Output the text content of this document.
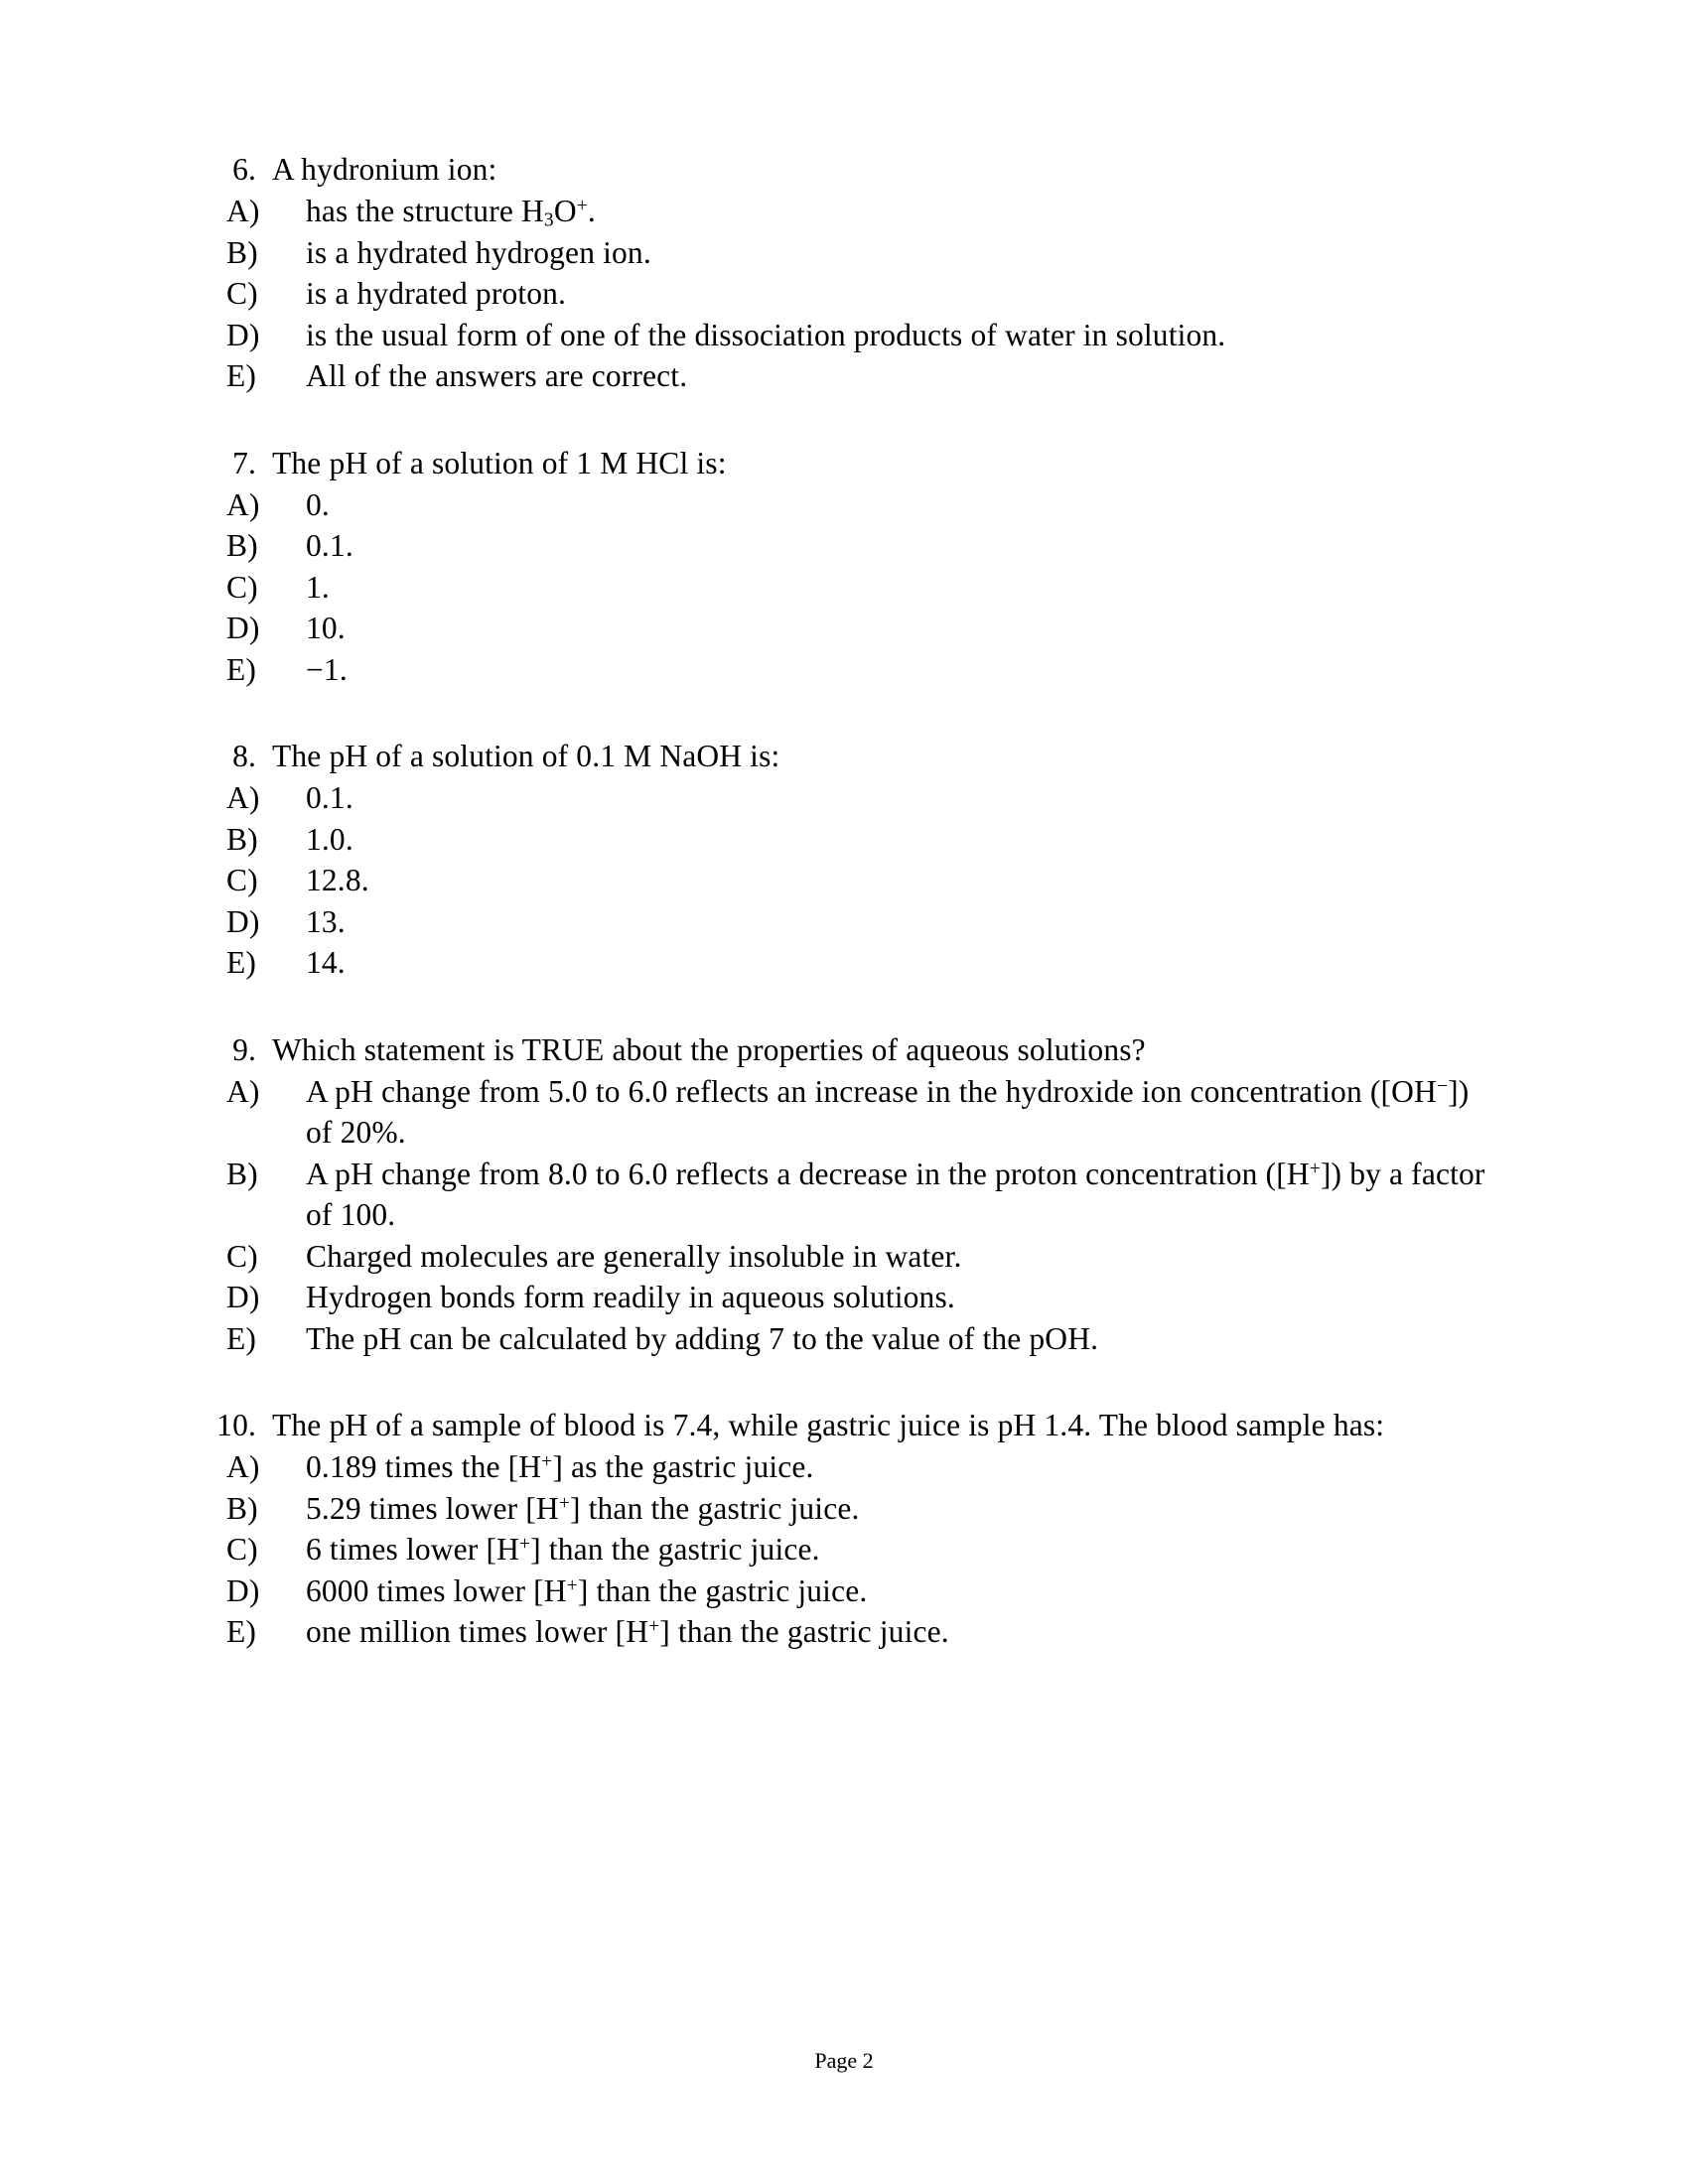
6. A hydronium ion:
A)	has the structure $H_3O^+$.
B)	is a hydrated hydrogen ion.
C)	is a hydrated proton.
D)	is the usual form of one of the dissociation products of water in solution.
E)	All of the answers are correct.
7. The pH of a solution of 1 M HCl is:
A)	0.
B)	0.1.
C)	1.
D)	10.
E)	−1.
8. The pH of a solution of 0.1 M NaOH is:
A)	0.1.
B)	1.0.
C)	12.8.
D)	13.
E)	14.
9. Which statement is TRUE about the properties of aqueous solutions?
A)	A pH change from 5.0 to 6.0 reflects an increase in the hydroxide ion concentration ([OH−]) of 20%.
B)	A pH change from 8.0 to 6.0 reflects a decrease in the proton concentration ([H+]) by a factor of 100.
C)	Charged molecules are generally insoluble in water.
D)	Hydrogen bonds form readily in aqueous solutions.
E)	The pH can be calculated by adding 7 to the value of the pOH.
10. The pH of a sample of blood is 7.4, while gastric juice is pH 1.4. The blood sample has:
A)	0.189 times the [H+] as the gastric juice.
B)	5.29 times lower [H+] than the gastric juice.
C)	6 times lower [H+] than the gastric juice.
D)	6000 times lower [H+] than the gastric juice.
E)	one million times lower [H+] than the gastric juice.
Page 2
